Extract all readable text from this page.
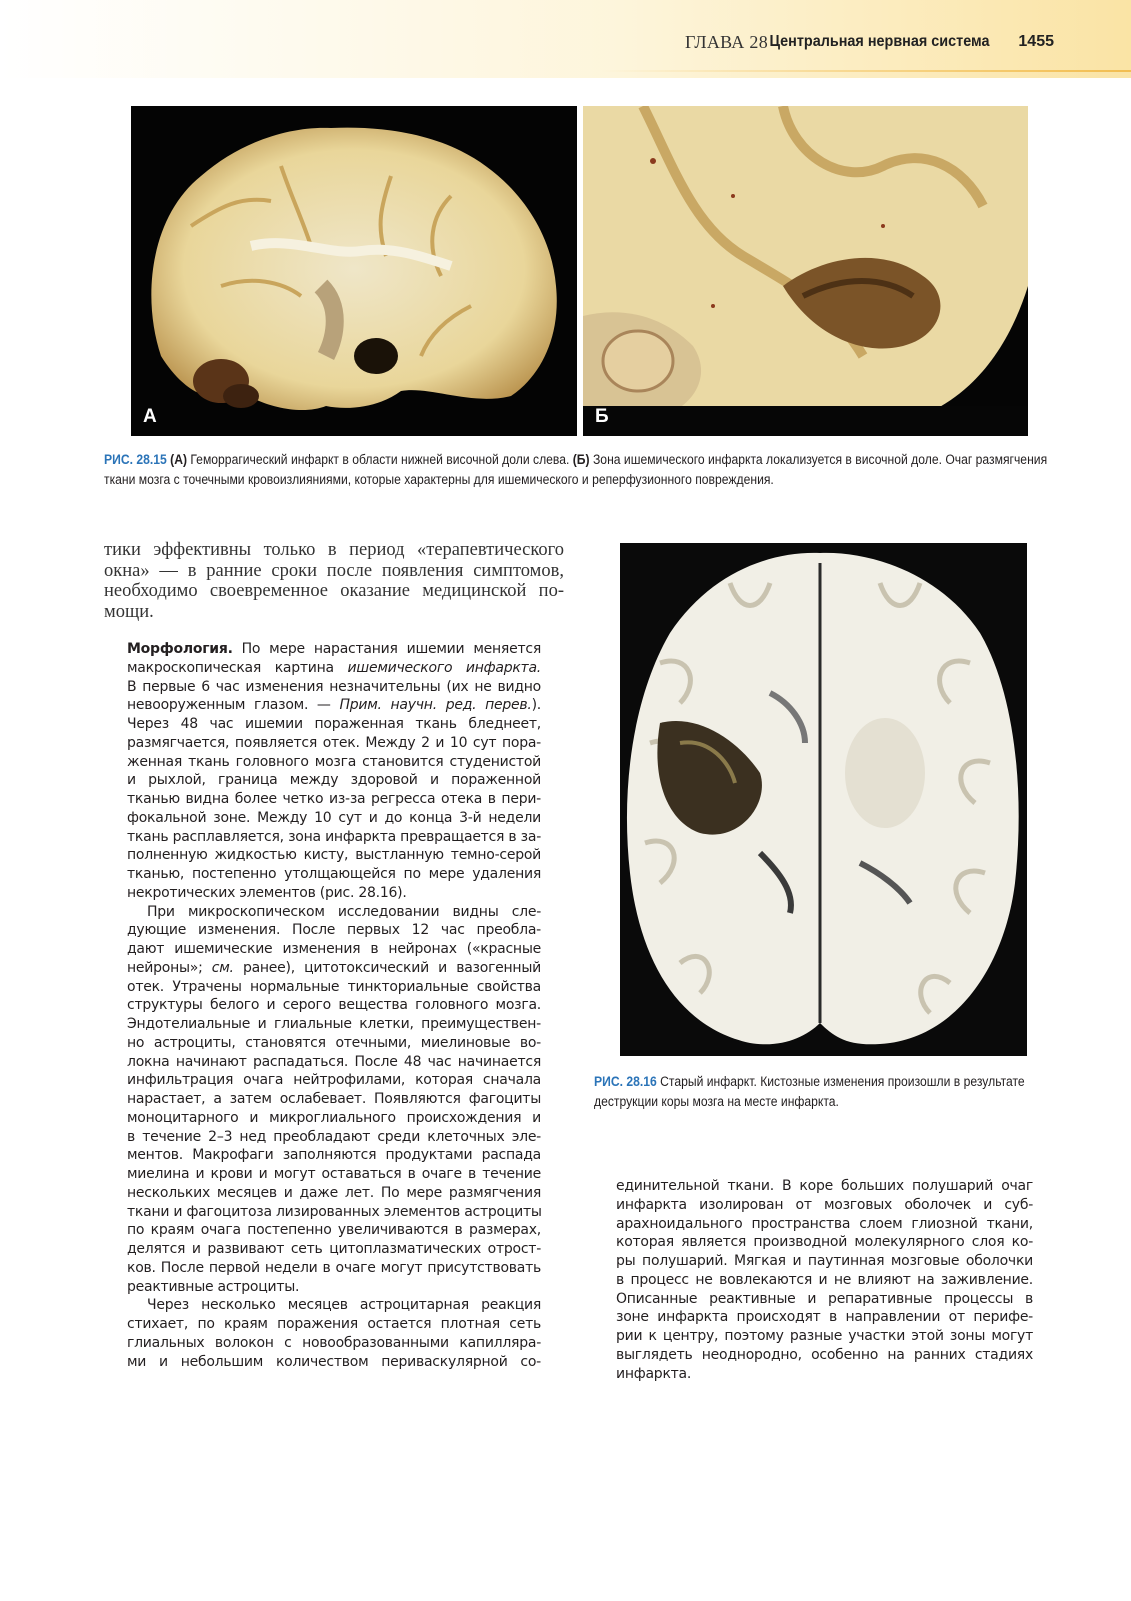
ГЛАВА 28 Центральная нервная система 1455
А	Б
РИС. 28.15 (А) Геморрагический инфаркт в области нижней височной доли слева. (Б) Зона ишемического инфаркта локализуется в височной доле. Очаг размягчения ткани мозга с точечными кровоизлияниями, которые характерны для ишемического и реперфузионного повреждения.
тики эффективны только в период «терапевтического
окна» — в ранние сроки после появления симптомов,
необходимо своевременное оказание медицинской по-
мощи.
РИС. 28.16 Старый инфаркт. Кистозные изменения произошли в результате деструкции коры мозга на месте инфаркта.
Морфология. По мере нарастания ишемии меняется
макроскопическая картина ишемического инфаркта.
В первые 6 час изменения незначительны (их не видно
невооруженным глазом. — Прим. научн. ред. перев.).
Через 48 час ишемии пораженная ткань бледнеет,
размягчается, появляется отек. Между 2 и 10 сут пора-
женная ткань головного мозга становится студенистой
и рыхлой, граница между здоровой и пораженной
тканью видна более четко из-за регресса отека в пери-
фокальной зоне. Между 10 сут и до конца 3-й недели
ткань расплавляется, зона инфаркта превращается в за-
полненную жидкостью кисту, выстланную темно-серой
тканью, постепенно утолщающейся по мере удаления
некротических элементов (рис. 28.16).
При микроскопическом исследовании видны сле-
дующие изменения. После первых 12 час преобла-
дают ишемические изменения в нейронах («красные
нейроны»; см. ранее), цитотоксический и вазогенный
отек. Утрачены нормальные тинкториальные свойства
структуры белого и серого вещества головного мозга.
Эндотелиальные и глиальные клетки, преимуществен-
но астроциты, становятся отечными, миелиновые во-
локна начинают распадаться. После 48 час начинается
инфильтрация очага нейтрофилами, которая сначала
нарастает, а затем ослабевает. Появляются фагоциты
моноцитарного и микроглиального происхождения и
в течение 2–3 нед преобладают среди клеточных эле-
ментов. Макрофаги заполняются продуктами распада
миелина и крови и могут оставаться в очаге в течение
нескольких месяцев и даже лет. По мере размягчения
ткани и фагоцитоза лизированных элементов астроциты
по краям очага постепенно увеличиваются в размерах,
делятся и развивают сеть цитоплазматических отрост-
ков. После первой недели в очаге могут присутствовать
реактивные астроциты.
Через несколько месяцев астроцитарная реакция
стихает, по краям поражения остается плотная сеть
глиальных волокон с новообразованными капилляра-
ми и небольшим количеством периваскулярной со-
единительной ткани. В коре больших полушарий очаг
инфаркта изолирован от мозговых оболочек и суб-
арахноидального пространства слоем глиозной ткани,
которая является производной молекулярного слоя ко-
ры полушарий. Мягкая и паутинная мозговые оболочки
в процесс не вовлекаются и не влияют на заживление.
Описанные реактивные и репаративные процессы в
зоне инфаркта происходят в направлении от перифе-
рии к центру, поэтому разные участки этой зоны могут
выглядеть неоднородно, особенно на ранних стадиях
инфаркта.
